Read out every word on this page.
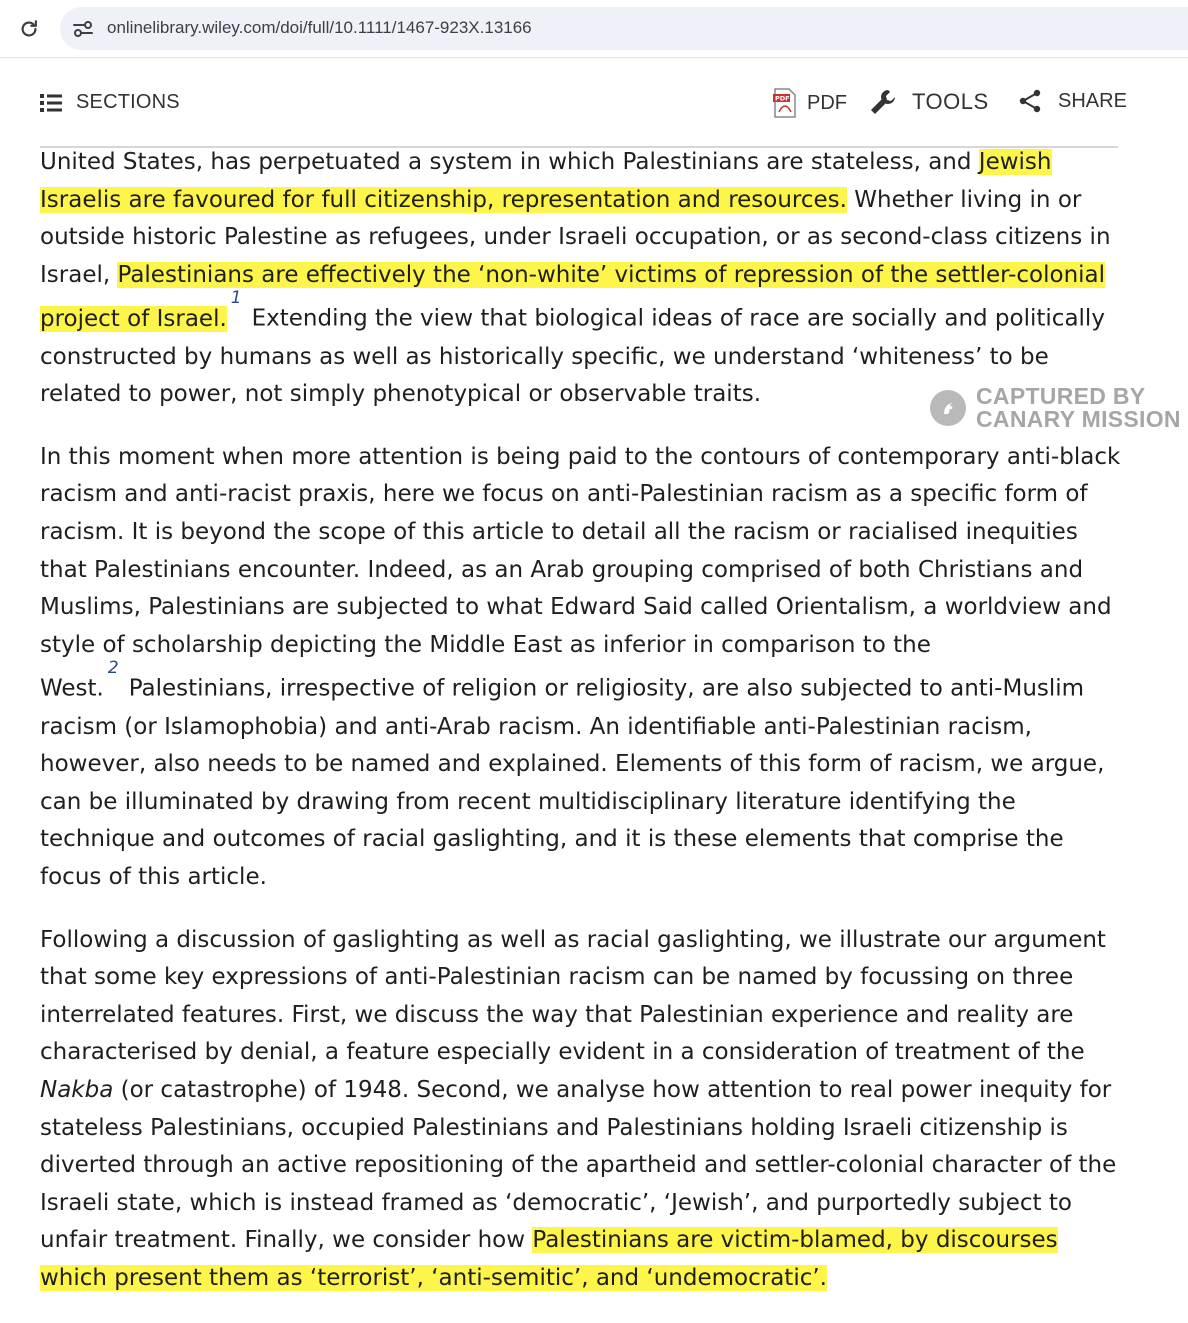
onlinelibrary.wiley.com/doi/full/10.1111/1467-923X.13166
SECTIONS	PDF PDF	TOOLS	SHARE

United States, has perpetuated a system in which Palestinians are stateless, and Jewish Israelis are favoured for full citizenship, representation and resources. Whether living in or outside historic Palestine as refugees, under Israeli occupation, or as second-class citizens in Israel, Palestinians are effectively the ‘non-white’ victims of repression of the settler-colonial project of Israel.$^1$Extending the view that biological ideas of race are socially and politically constructed by humans as well as historically specific, we understand ‘whiteness’ to be related to power, not simply phenotypical or observable traits.

In this moment when more attention is being paid to the contours of contemporary anti-black racism and anti-racist praxis, here we focus on anti-Palestinian racism as a specific form of racism. It is beyond the scope of this article to detail all the racism or racialised inequities that Palestinians encounter. Indeed, as an Arab grouping comprised of both Christians and Muslims, Palestinians are subjected to what Edward Said called Orientalism, a worldview and style of scholarship depicting the Middle East as inferior in comparison to the West.$^2$Palestinians, irrespective of religion or religiosity, are also subjected to anti-Muslim racism (or Islamophobia) and anti-Arab racism. An identifiable anti-Palestinian racism, however, also needs to be named and explained. Elements of this form of racism, we argue, can be illuminated by drawing from recent multidisciplinary literature identifying the technique and outcomes of racial gaslighting, and it is these elements that comprise the focus of this article.

Following a discussion of gaslighting as well as racial gaslighting, we illustrate our argument that some key expressions of anti-Palestinian racism can be named by focussing on three interrelated features. First, we discuss the way that Palestinian experience and reality are characterised by denial, a feature especially evident in a consideration of treatment of the Nakba (or catastrophe) of 1948. Second, we analyse how attention to real power inequity for stateless Palestinians, occupied Palestinians and Palestinians holding Israeli citizenship is diverted through an active repositioning of the apartheid and settler-colonial character of the Israeli state, which is instead framed as ‘democratic’, ‘Jewish’, and purportedly subject to unfair treatment. Finally, we consider how Palestinians are victim-blamed, by discourses which present them as ‘terrorist’, ‘anti-semitic’, and ‘undemocratic’.

CAPTURED BY
CANARY MISSION
